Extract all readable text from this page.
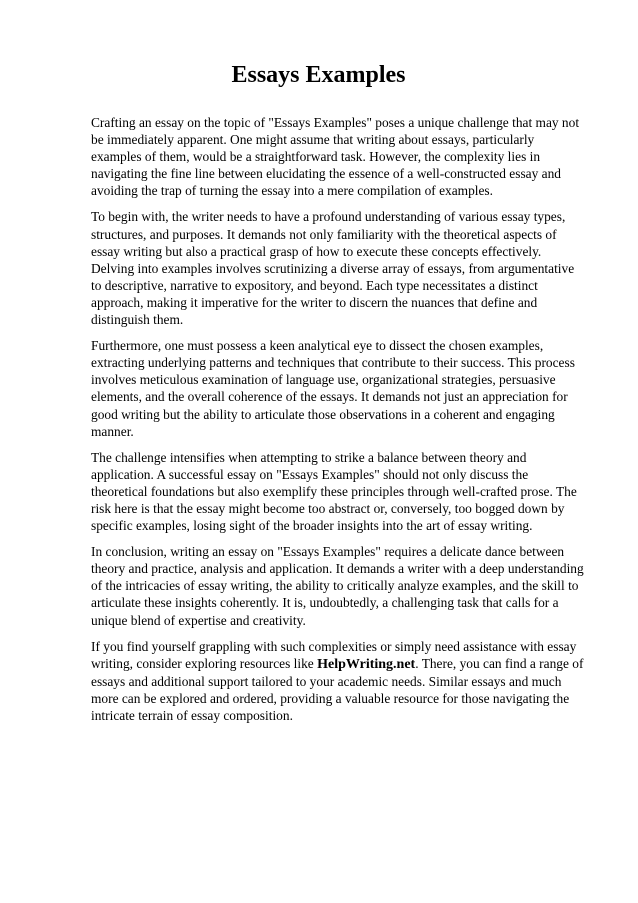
Essays Examples

Crafting an essay on the topic of "Essays Examples" poses a unique challenge that may not be immediately apparent. One might assume that writing about essays, particularly examples of them, would be a straightforward task. However, the complexity lies in navigating the fine line between elucidating the essence of a well-constructed essay and avoiding the trap of turning the essay into a mere compilation of examples.

To begin with, the writer needs to have a profound understanding of various essay types, structures, and purposes. It demands not only familiarity with the theoretical aspects of essay writing but also a practical grasp of how to execute these concepts effectively. Delving into examples involves scrutinizing a diverse array of essays, from argumentative to descriptive, narrative to expository, and beyond. Each type necessitates a distinct approach, making it imperative for the writer to discern the nuances that define and distinguish them.

Furthermore, one must possess a keen analytical eye to dissect the chosen examples, extracting underlying patterns and techniques that contribute to their success. This process involves meticulous examination of language use, organizational strategies, persuasive elements, and the overall coherence of the essays. It demands not just an appreciation for good writing but the ability to articulate those observations in a coherent and engaging manner.

The challenge intensifies when attempting to strike a balance between theory and application. A successful essay on "Essays Examples" should not only discuss the theoretical foundations but also exemplify these principles through well-crafted prose. The risk here is that the essay might become too abstract or, conversely, too bogged down by specific examples, losing sight of the broader insights into the art of essay writing.

In conclusion, writing an essay on "Essays Examples" requires a delicate dance between theory and practice, analysis and application. It demands a writer with a deep understanding of the intricacies of essay writing, the ability to critically analyze examples, and the skill to articulate these insights coherently. It is, undoubtedly, a challenging task that calls for a unique blend of expertise and creativity.

If you find yourself grappling with such complexities or simply need assistance with essay writing, consider exploring resources like HelpWriting.net. There, you can find a range of essays and additional support tailored to your academic needs. Similar essays and much more can be explored and ordered, providing a valuable resource for those navigating the intricate terrain of essay composition.
